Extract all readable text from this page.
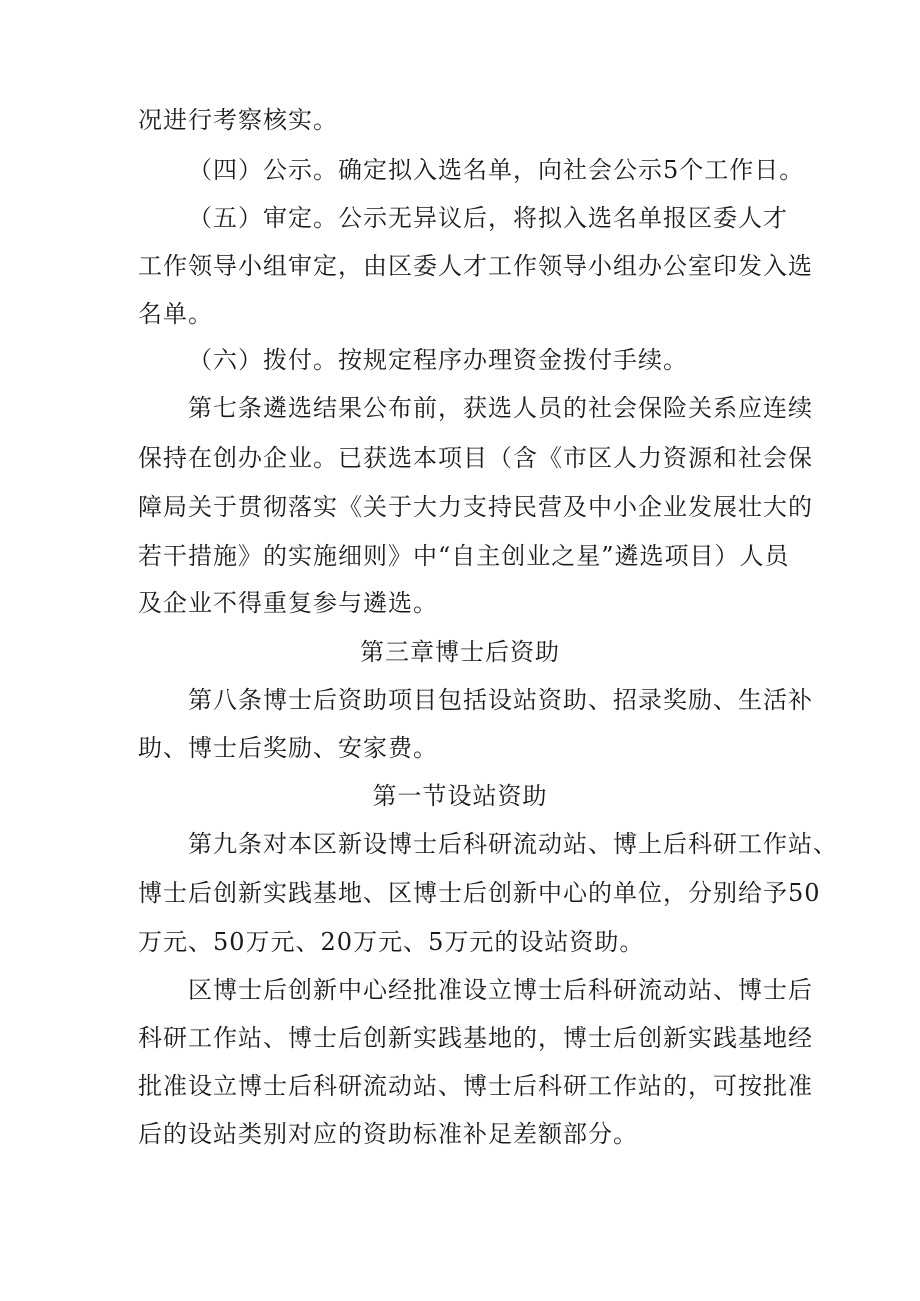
况进行考察核实。
（四）公示。确定拟入选名单，向社会公示5个工作日。
（五）审定。公示无异议后，将拟入选名单报区委人才
工作领导小组审定，由区委人才工作领导小组办公室印发入选
名单。
（六）拨付。按规定程序办理资金拨付手续。
第七条遴选结果公布前，获选人员的社会保险关系应连续
保持在创办企业。已获选本项目（含《市区人力资源和社会保
障局关于贯彻落实《关于大力支持民营及中小企业发展壮大的
若干措施》的实施细则》中“自主创业之星”遴选项目）人员
及企业不得重复参与遴选。
第三章博士后资助
第八条博士后资助项目包括设站资助、招录奖励、生活补
助、博士后奖励、安家费。
第一节设站资助
第九条对本区新设博士后科研流动站、博上后科研工作站、
博士后创新实践基地、区博士后创新中心的单位，分别给予50
万元、50万元、20万元、5万元的设站资助。
区博士后创新中心经批准设立博士后科研流动站、博士后
科研工作站、博士后创新实践基地的，博士后创新实践基地经
批准设立博士后科研流动站、博士后科研工作站的，可按批准
后的设站类别对应的资助标准补足差额部分。
